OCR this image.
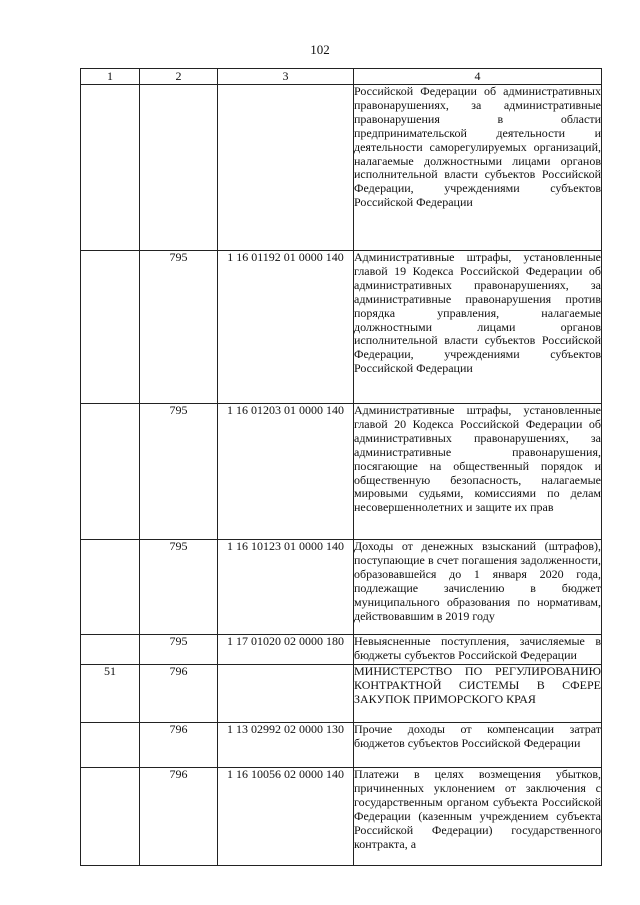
102
1	2	3	4
			Российской Федерации об административных правонарушениях, за административные правонарушения в области предпринимательской деятельности и деятельности саморегулируемых организаций, налагаемые должностными лицами органов исполнительной власти субъектов Российской Федерации, учреждениями субъектов Российской Федерации
	795	1 16 01192 01 0000 140	Административные штрафы, установленные главой 19 Кодекса Российской Федерации об административных правонарушениях, за административные правонарушения против порядка управления, налагаемые должностными лицами органов исполнительной власти субъектов Российской Федерации, учреждениями субъектов Российской Федерации
	795	1 16 01203 01 0000 140	Административные штрафы, установленные главой 20 Кодекса Российской Федерации об административных правонарушениях, за административные правонарушения, посягающие на общественный порядок и общественную безопасность, налагаемые мировыми судьями, комиссиями по делам несовершеннолетних и защите их прав
	795	1 16 10123 01 0000 140	Доходы от денежных взысканий (штрафов), поступающие в счет погашения задолженности, образовавшейся до 1 января 2020 года, подлежащие зачислению в бюджет муниципального образования по нормативам, действовавшим в 2019 году
	795	1 17 01020 02 0000 180	Невыясненные поступления, зачисляемые в бюджеты субъектов Российской Федерации
51	796		МИНИСТЕРСТВО ПО РЕГУЛИРОВАНИЮ КОНТРАКТНОЙ СИСТЕМЫ В СФЕРЕ ЗАКУПОК ПРИМОРСКОГО КРАЯ
	796	1 13 02992 02 0000 130	Прочие доходы от компенсации затрат бюджетов субъектов Российской Федерации
	796	1 16 10056 02 0000 140	Платежи в целях возмещения убытков, причиненных уклонением от заключения с государственным органом субъекта Российской Федерации (казенным учреждением субъекта Российской Федерации) государственного контракта, а
